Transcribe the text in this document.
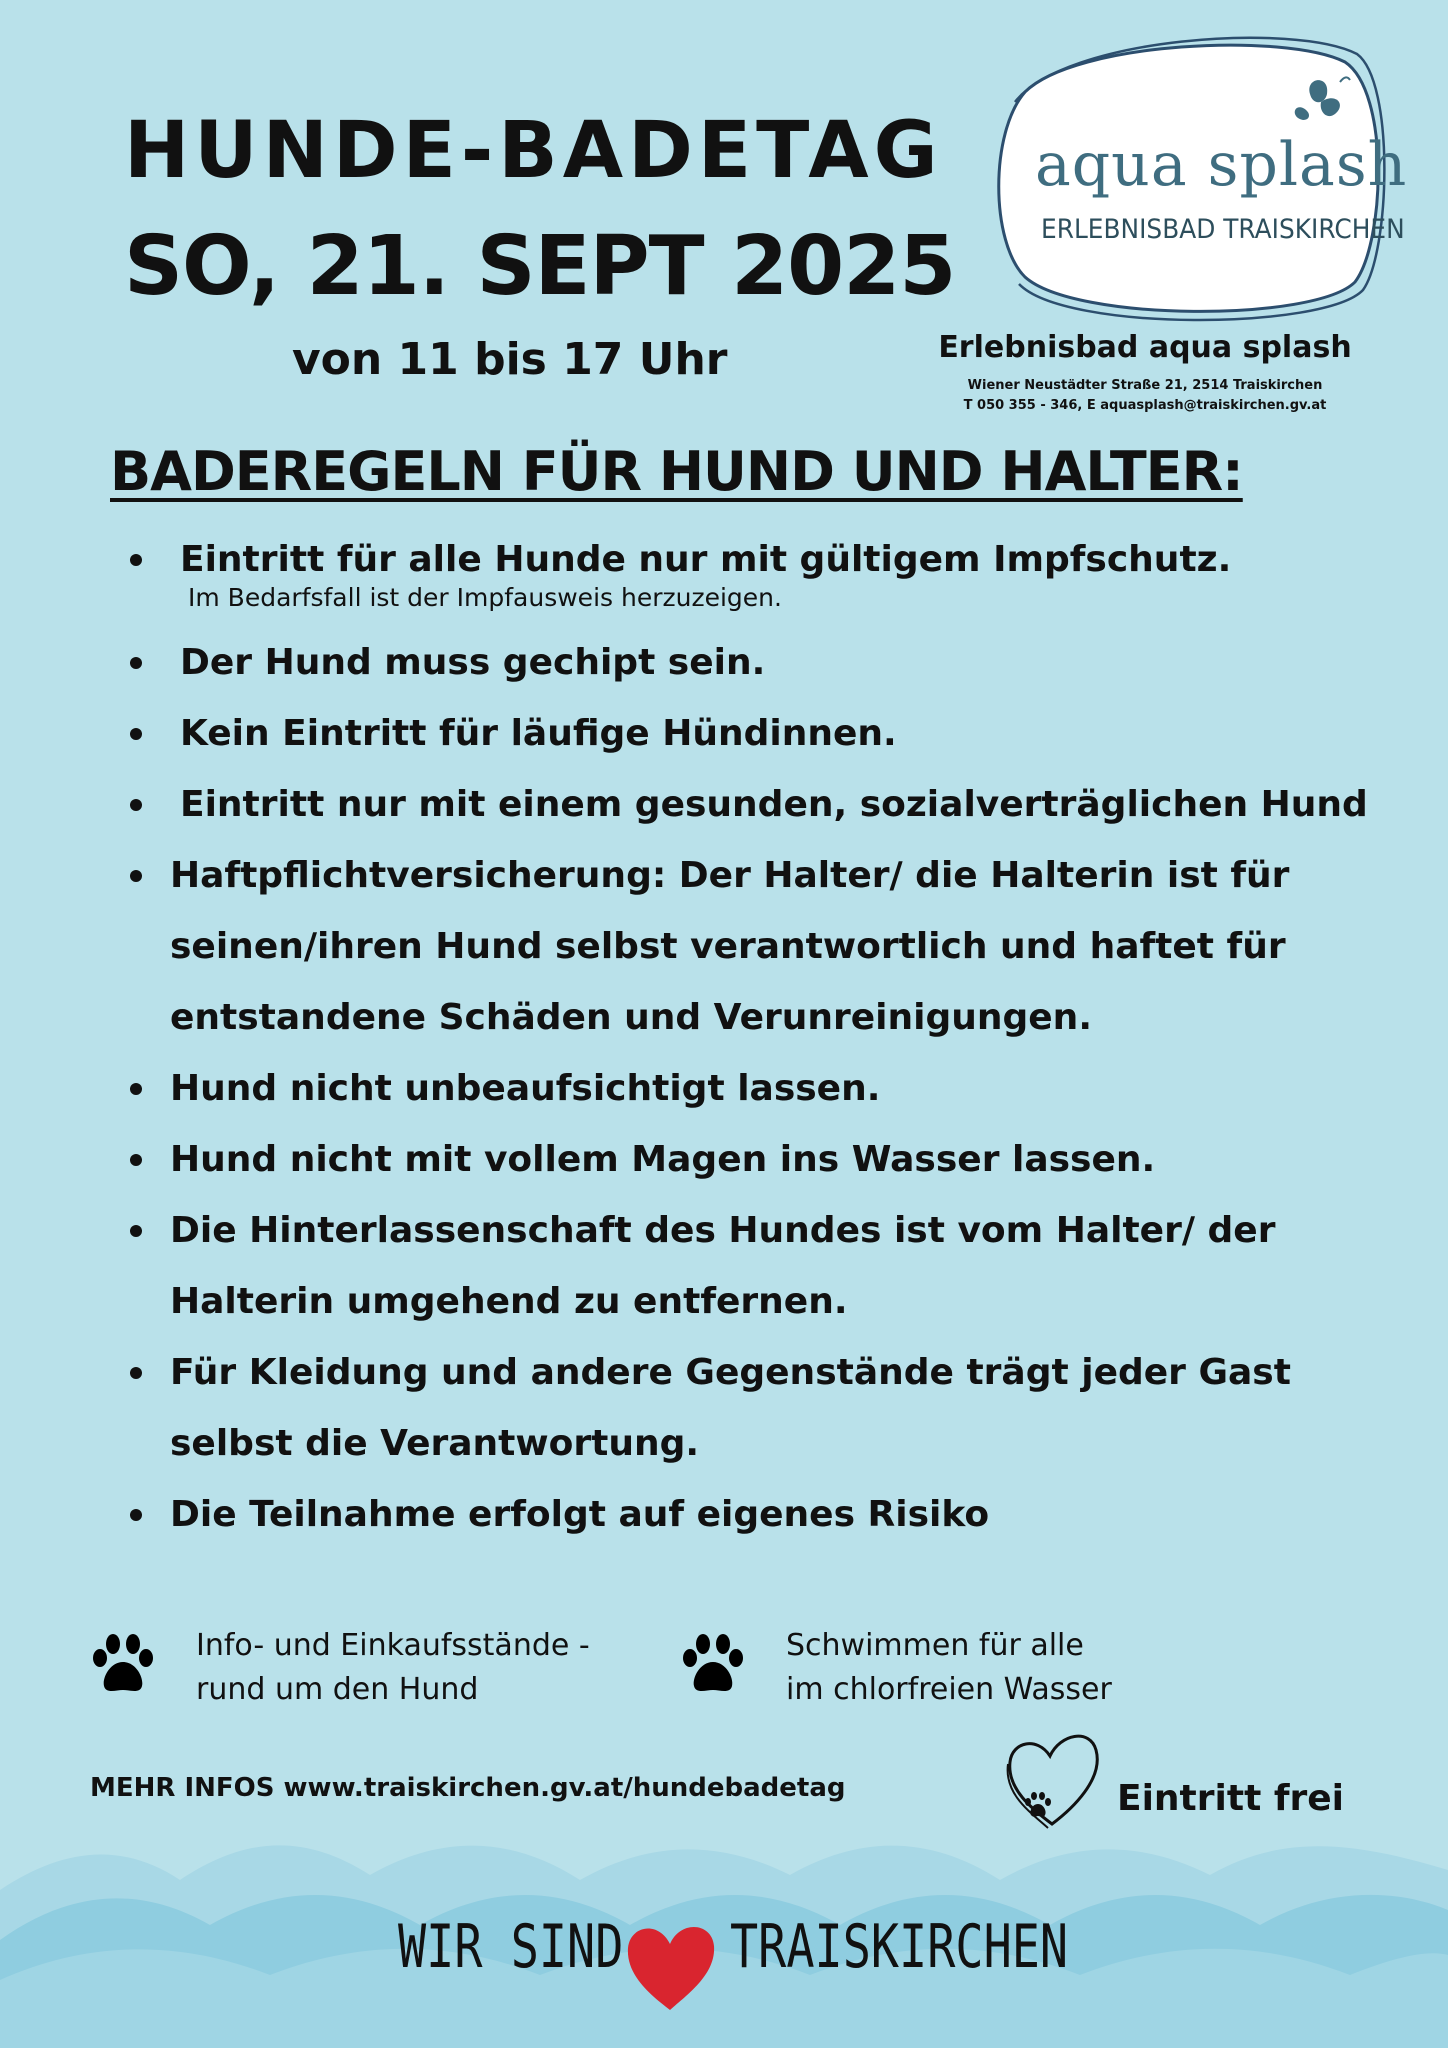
HUNDE-BADETAG
SO, 21. SEPT 2025
von 11 bis 17 Uhr
aqua splash
ERLEBNISBAD TRAISKIRCHEN
Erlebnisbad aqua splash
Wiener Neustädter Straße 21, 2514 Traiskirchen
T 050 355 - 346, E aquasplash@traiskirchen.gv.at
BADEREGELN FÜR HUND UND HALTER:
Eintritt für alle Hunde nur mit gültigem Impfschutz.
Im Bedarfsfall ist der Impfausweis herzuzeigen.
Der Hund muss gechipt sein.
Kein Eintritt für läufige Hündinnen.
Eintritt nur mit einem gesunden, sozialverträglichen Hund
Haftpflichtversicherung: Der Halter/ die Halterin ist für
seinen/ihren Hund selbst verantwortlich und haftet für
entstandene Schäden und Verunreinigungen.
Hund nicht unbeaufsichtigt lassen.
Hund nicht mit vollem Magen ins Wasser lassen.
Die Hinterlassenschaft des Hundes ist vom Halter/ der
Halterin umgehend zu entfernen.
Für Kleidung und andere Gegenstände trägt jeder Gast
selbst die Verantwortung.
Die Teilnahme erfolgt auf eigenes Risiko
Info- und Einkaufsstände -
rund um den Hund
Schwimmen für alle
im chlorfreien Wasser
MEHR INFOS www.traiskirchen.gv.at/hundebadetag	Eintritt frei
WIR SIND TRAISKIRCHEN
